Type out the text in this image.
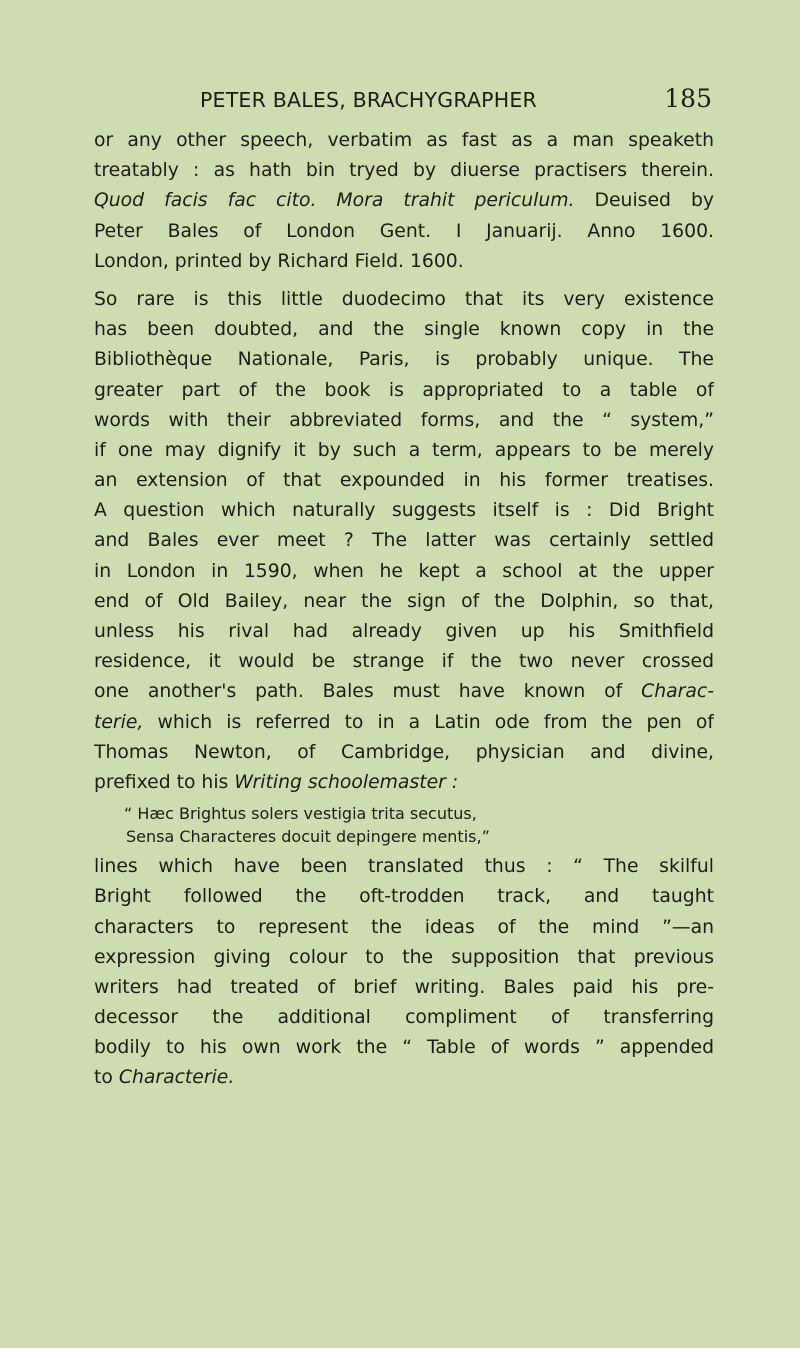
PETER BALES, BRACHYGRAPHER	185
or any other speech, verbatim as fast as a man speaketh
treatably : as hath bin tryed by diuerse practisers therein.
Quod facis fac cito. Mora trahit periculum. Deuised by
Peter Bales of London Gent. I Januarij. Anno 1600.
London, printed by Richard Field. 1600.
So rare is this little duodecimo that its very existence
has been doubted, and the single known copy in the
Bibliothèque Nationale, Paris, is probably unique. The
greater part of the book is appropriated to a table of
words with their abbreviated forms, and the “ system,”
if one may dignify it by such a term, appears to be merely
an extension of that expounded in his former treatises.
A question which naturally suggests itself is : Did Bright
and Bales ever meet ? The latter was certainly settled
in London in 1590, when he kept a school at the upper
end of Old Bailey, near the sign of the Dolphin, so that,
unless his rival had already given up his Smithfield
residence, it would be strange if the two never crossed
one another's path. Bales must have known of Charac-
terie, which is referred to in a Latin ode from the pen of
Thomas Newton, of Cambridge, physician and divine,
prefixed to his Writing schoolemaster :
“ Hæc Brightus solers vestigia trita secutus,
Sensa Characteres docuit depingere mentis,”
lines which have been translated thus : “ The skilful
Bright followed the oft-trodden track, and taught
characters to represent the ideas of the mind ”—an
expression giving colour to the supposition that previous
writers had treated of brief writing. Bales paid his pre-
decessor the additional compliment of transferring
bodily to his own work the “ Table of words ” appended
to Characterie.
